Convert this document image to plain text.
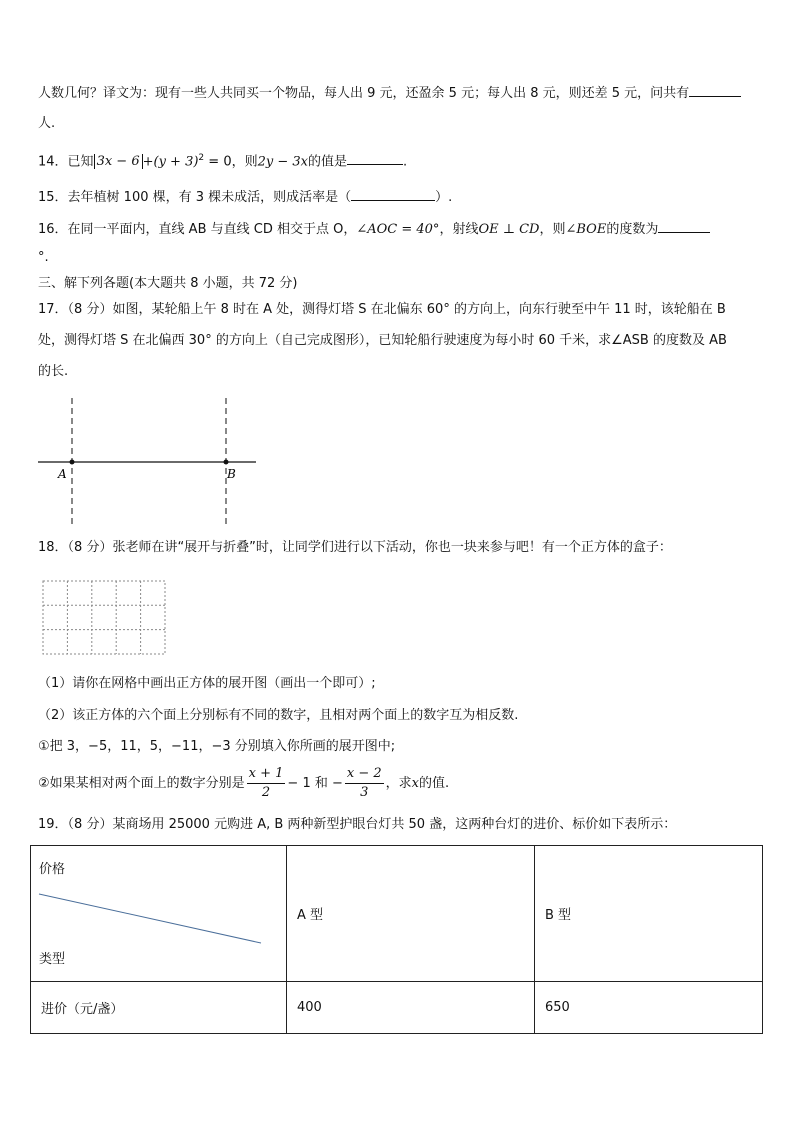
人数几何？译文为：现有一些人共同买一个物品，每人出 9 元，还盈余 5 元；每人出 8 元，则还差 5 元，问共有
人.
14．已知 $3x - 6 +(y + 3)^2 = 0$，则2y − 3x的值是	.
15．去年植树 100 棵，有 3 棵未成活，则成活率是（	）.
16．在同一平面内，直线 AB 与直线 CD 相交于点 O，∠AOC = 40°，射线OE ⊥ CD，则∠BOE的度数为
°.
三、解下列各题(本大题共 8 小题，共 72 分)
17．（8 分）如图，某轮船上午 8 时在 A 处，测得灯塔 S 在北偏东 60° 的方向上，向东行驶至中午 11 时，该轮船在 B
处，测得灯塔 S 在北偏西 30° 的方向上（自己完成图形），已知轮船行驶速度为每小时 60 千米，求∠ASB 的度数及 AB
的长.
A	B
18．（8 分）张老师在讲“展开与折叠”时，让同学们进行以下活动，你也一块来参与吧！有一个正方体的盒子：
（1）请你在网格中画出正方体的展开图（画出一个即可）;
（2）该正方体的六个面上分别标有不同的数字，且相对两个面上的数字互为相反数.
①把 3，−5，11，5，−11，−3 分别填入你所画的展开图中;
②如果某相对两个面上的数字分别是 $\frac{x + 1}{2} - 1$ 和 − $\frac{x - 2}{3}$ ，求x的值.
19．（8 分）某商场用 25000 元购进 A, B 两种新型护眼台灯共 50 盏，这两种台灯的进价、标价如下表所示：
价格
类型	A 型	B 型
进价（元/盏）	400	650
